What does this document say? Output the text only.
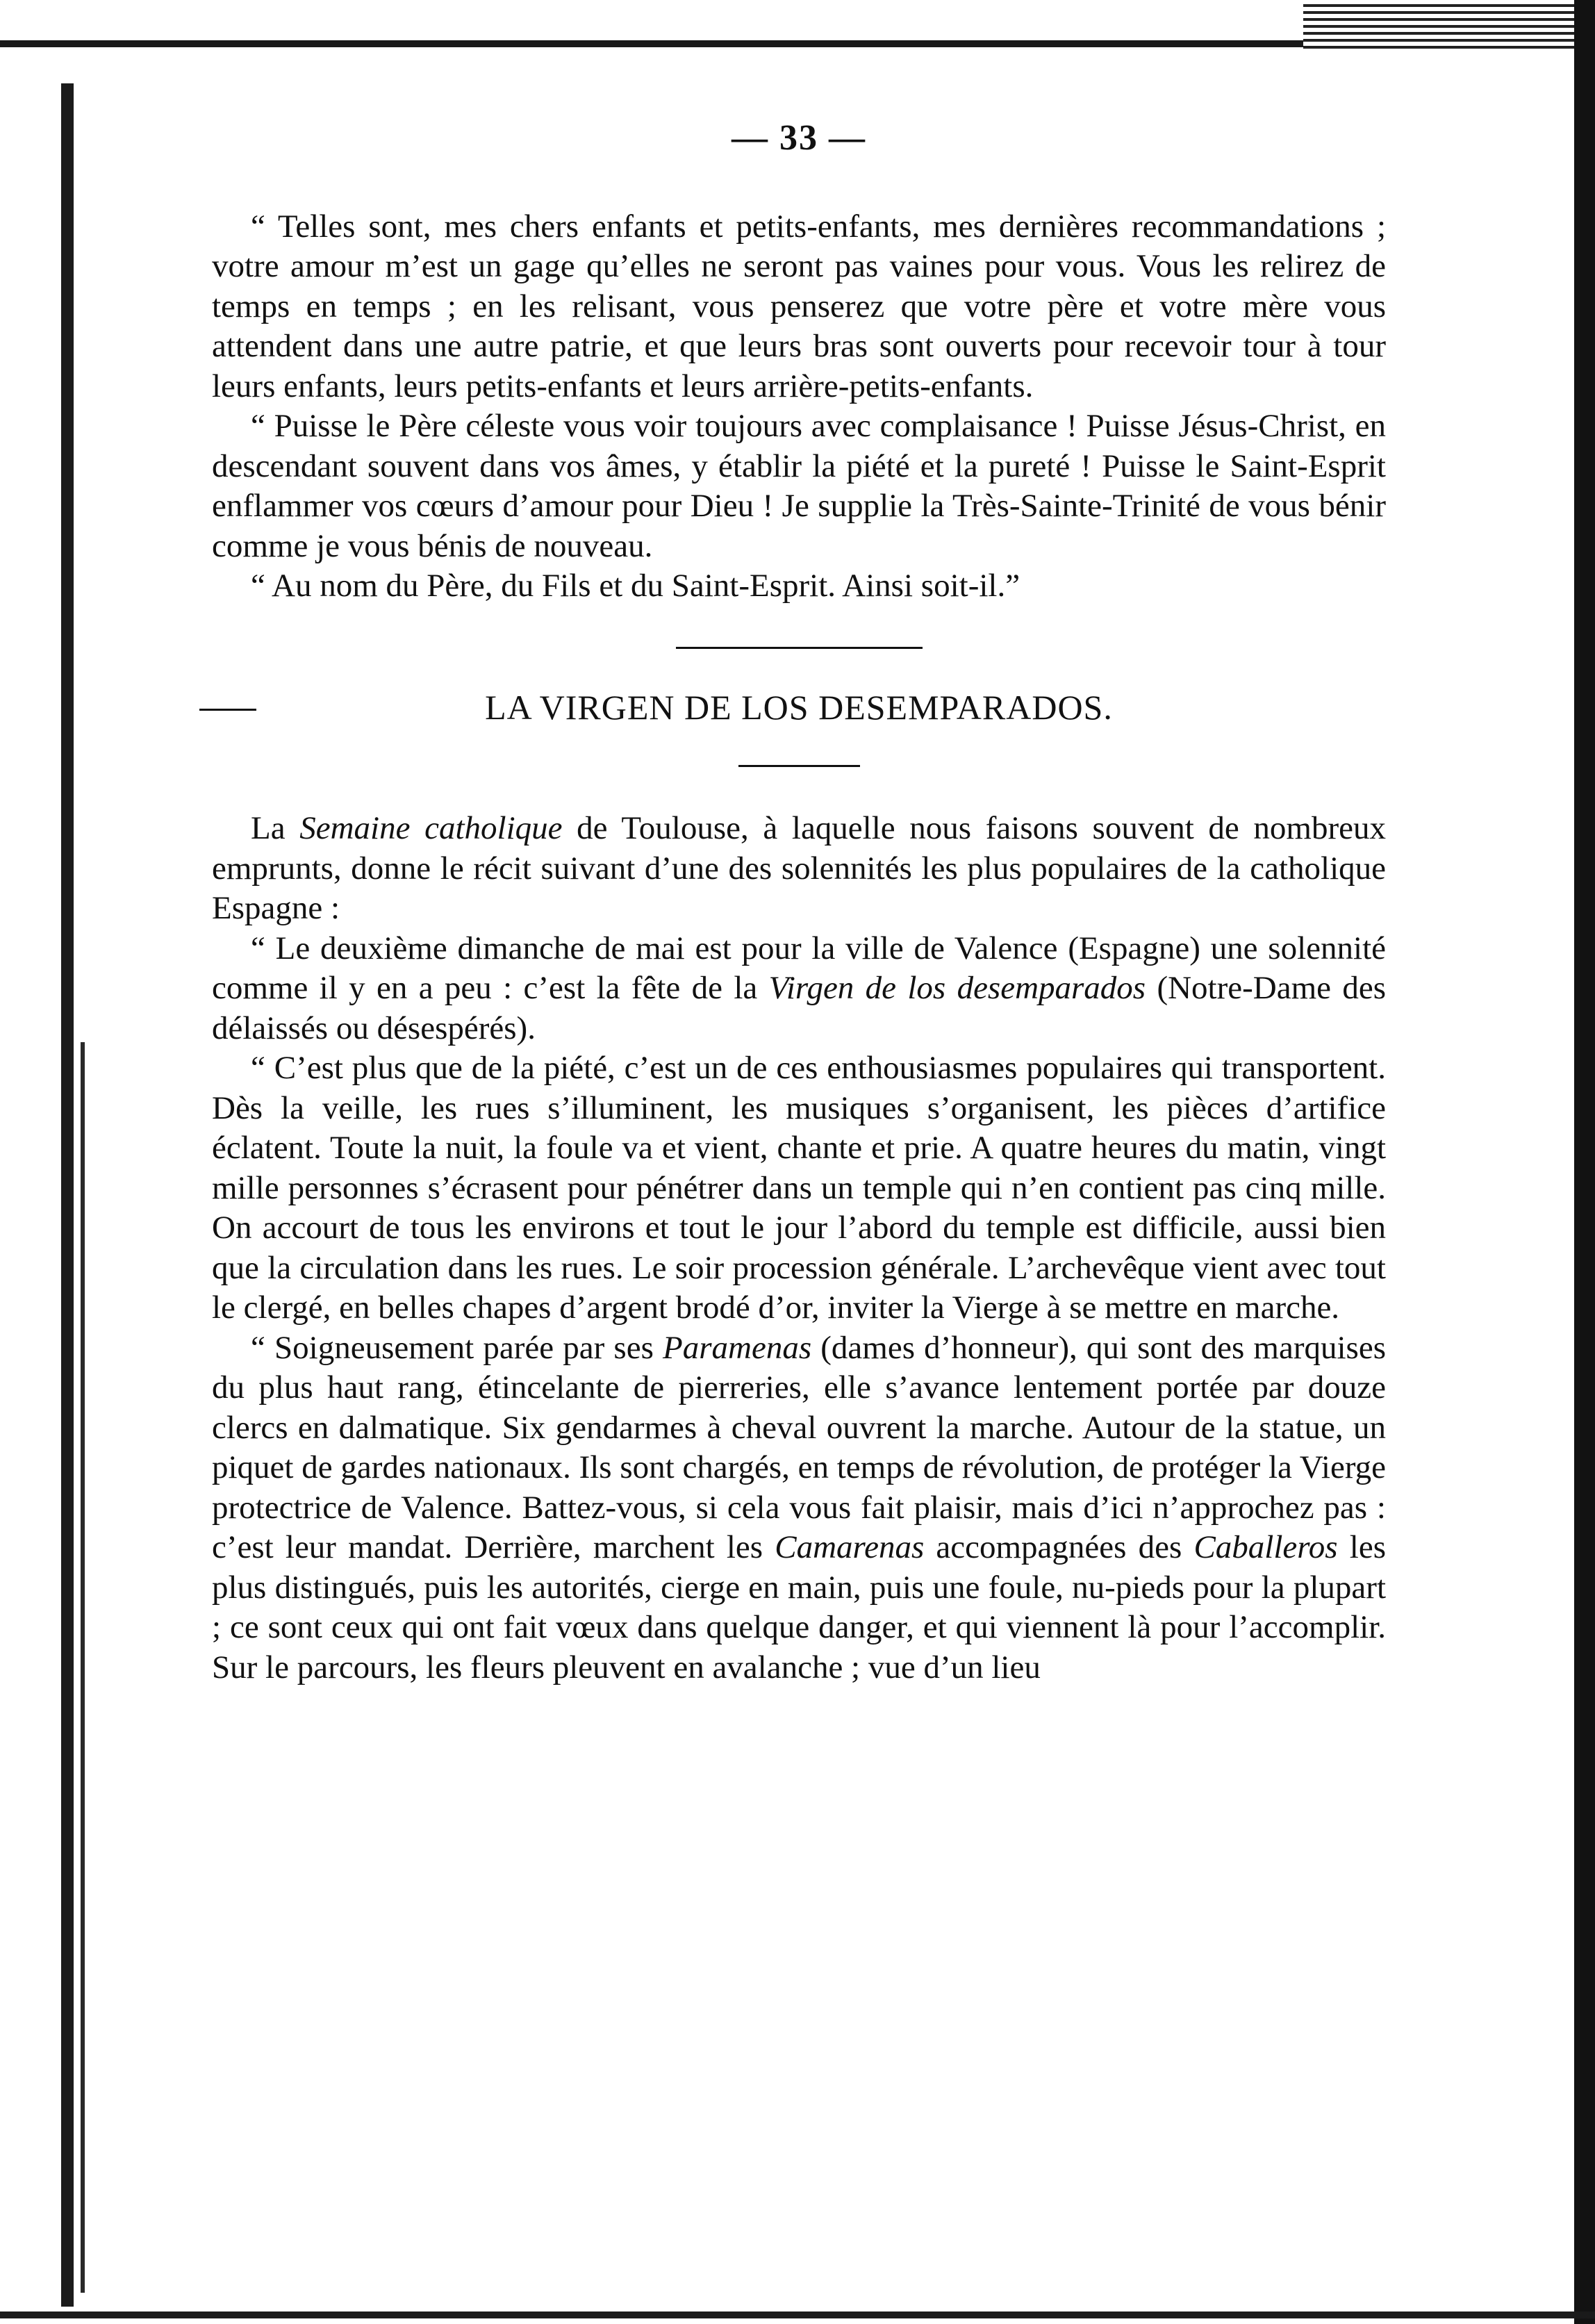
— 33 —

“ Telles sont, mes chers enfants et petits-enfants, mes dernières recommandations ; votre amour m’est un gage qu’elles ne seront pas vaines pour vous. Vous les relirez de temps en temps ; en les relisant, vous penserez que votre père et votre mère vous attendent dans une autre patrie, et que leurs bras sont ouverts pour recevoir tour à tour leurs enfants, leurs petits-enfants et leurs arrière-petits-enfants.

“ Puisse le Père céleste vous voir toujours avec complaisance ! Puisse Jésus-Christ, en descendant souvent dans vos âmes, y établir la piété et la pureté ! Puisse le Saint-Esprit enflammer vos cœurs d’amour pour Dieu ! Je supplie la Très-Sainte-Trinité de vous bénir comme je vous bénis de nouveau.

“ Au nom du Père, du Fils et du Saint-Esprit. Ainsi soit-il.”

LA VIRGEN DE LOS DESEMPARADOS.

La Semaine catholique de Toulouse, à laquelle nous faisons souvent de nombreux emprunts, donne le récit suivant d’une des solennités les plus populaires de la catholique Espagne :

“ Le deuxième dimanche de mai est pour la ville de Valence (Espagne) une solennité comme il y en a peu : c’est la fête de la Virgen de los desemparados (Notre-Dame des délaissés ou désespérés).

“ C’est plus que de la piété, c’est un de ces enthousiasmes populaires qui transportent. Dès la veille, les rues s’illuminent, les musiques s’organisent, les pièces d’artifice éclatent. Toute la nuit, la foule va et vient, chante et prie. A quatre heures du matin, vingt mille personnes s’écrasent pour pénétrer dans un temple qui n’en contient pas cinq mille. On accourt de tous les environs et tout le jour l’abord du temple est difficile, aussi bien que la circulation dans les rues. Le soir procession générale. L’archevêque vient avec tout le clergé, en belles chapes d’argent brodé d’or, inviter la Vierge à se mettre en marche.

“ Soigneusement parée par ses Paramenas (dames d’honneur), qui sont des marquises du plus haut rang, étincelante de pierreries, elle s’avance lentement portée par douze clercs en dalmatique. Six gendarmes à cheval ouvrent la marche. Autour de la statue, un piquet de gardes nationaux. Ils sont chargés, en temps de révolution, de protéger la Vierge protectrice de Valence. Battez-vous, si cela vous fait plaisir, mais d’ici n’approchez pas : c’est leur mandat. Derrière, marchent les Camarenas accompagnées des Caballeros les plus distingués, puis les autorités, cierge en main, puis une foule, nu-pieds pour la plupart ; ce sont ceux qui ont fait vœux dans quelque danger, et qui viennent là pour l’accomplir. Sur le parcours, les fleurs pleuvent en avalanche ; vue d’un lieu
